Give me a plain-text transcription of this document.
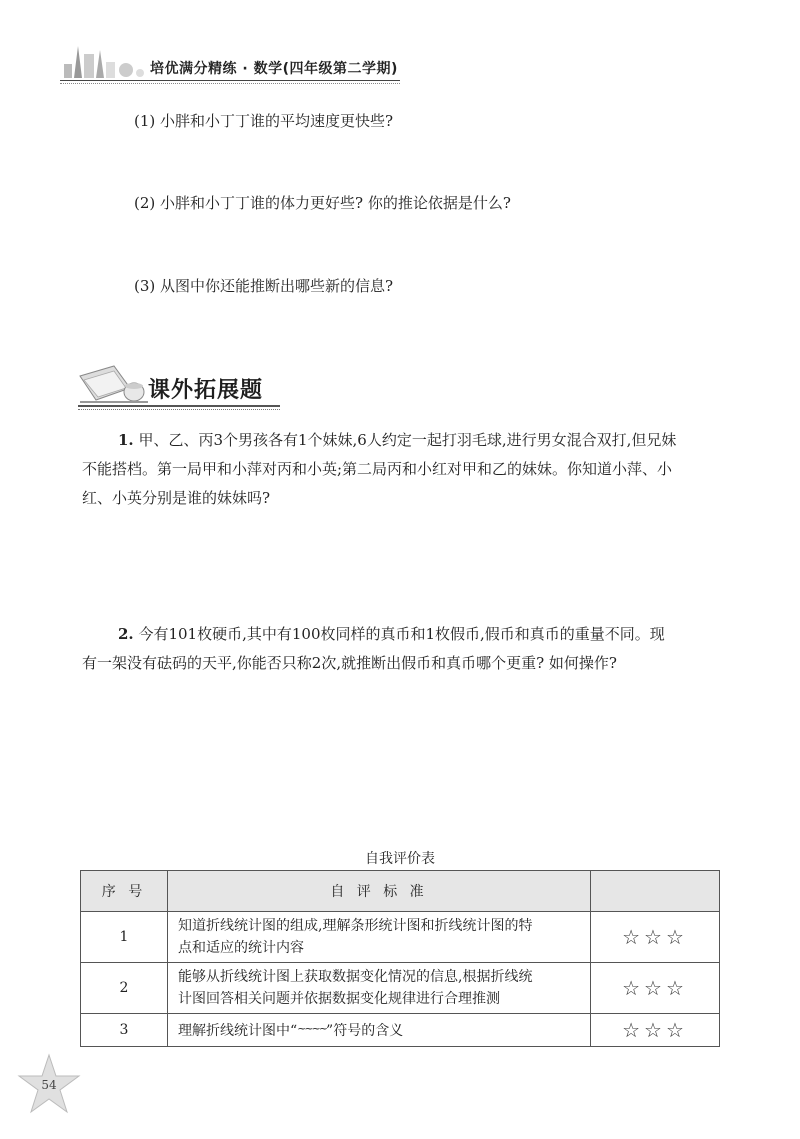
培优满分精练 · 数学(四年级第二学期)
(1) 小胖和小丁丁谁的平均速度更快些?
(2) 小胖和小丁丁谁的体力更好些? 你的推论依据是什么?
(3) 从图中你还能推断出哪些新的信息?
课外拓展题
1. 甲、乙、丙3个男孩各有1个妹妹,6人约定一起打羽毛球,进行男女混合双打,但兄妹
不能搭档。第一局甲和小萍对丙和小英;第二局丙和小红对甲和乙的妹妹。你知道小萍、小
红、小英分别是谁的妹妹吗?
2. 今有101枚硬币,其中有100枚同样的真币和1枚假币,假币和真币的重量不同。现
有一架没有砝码的天平,你能否只称2次,就推断出假币和真币哪个更重? 如何操作?
自我评价表
序 号	自 评 标 准	
1	知道折线统计图的组成,理解条形统计图和折线统计图的特
点和适应的统计内容	☆☆☆
2	能够从折线统计图上获取数据变化情况的信息,根据折线统
计图回答相关问题并依据数据变化规律进行合理推测	☆☆☆
3	理解折线统计图中“~~~~”符号的含义	☆☆☆
54
